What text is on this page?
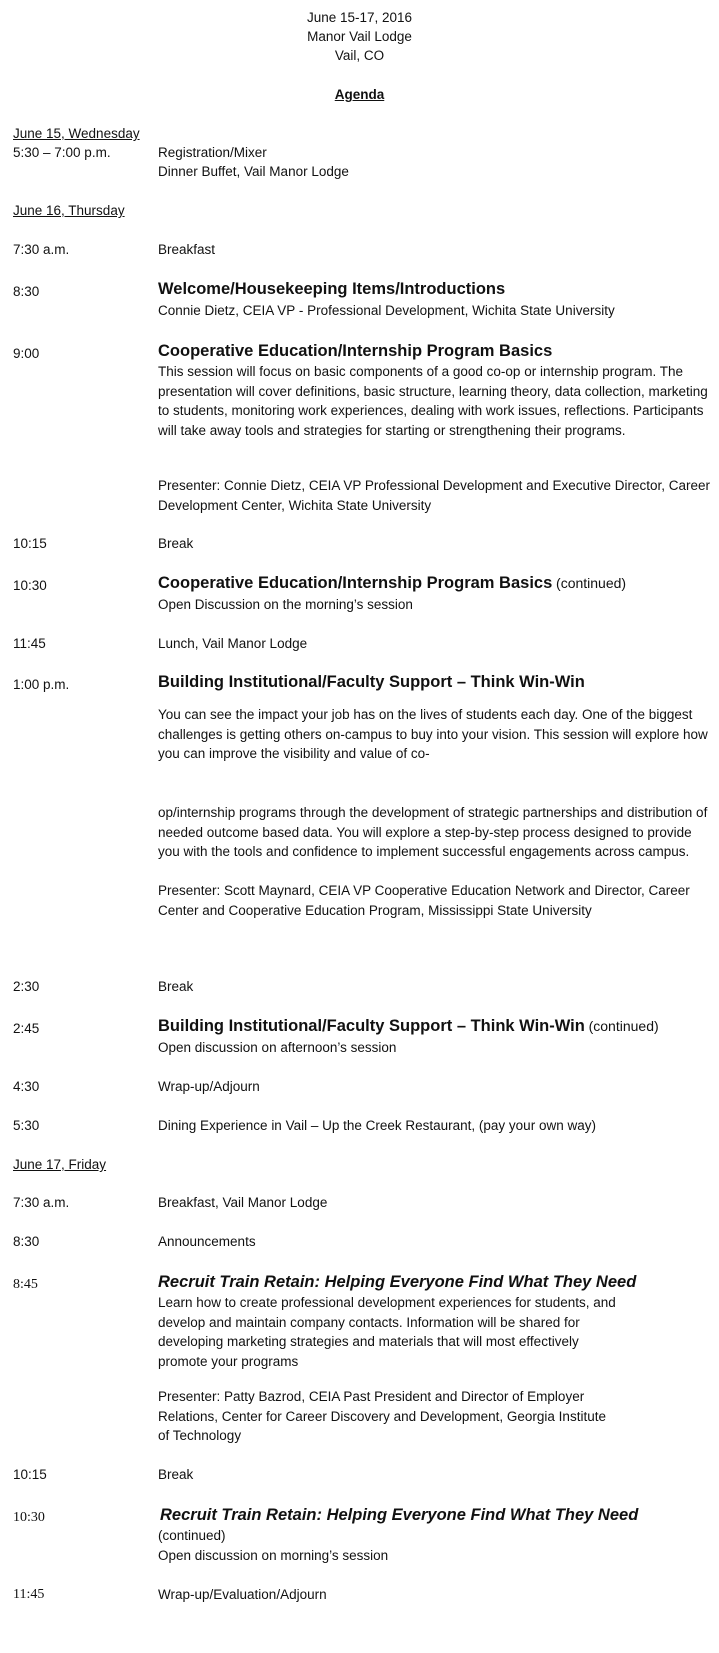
June 15-17, 2016
Manor Vail Lodge
Vail, CO
Agenda
June 15, Wednesday
5:30 – 7:00 p.m.	Registration/Mixer
Dinner Buffet, Vail Manor Lodge
June 16, Thursday
7:30 a.m.	Breakfast
8:30	Welcome/Housekeeping Items/Introductions
Connie Dietz, CEIA VP - Professional Development, Wichita State University
9:00	Cooperative Education/Internship Program Basics
This session will focus on basic components of a good co-op or internship program. The presentation will cover definitions, basic structure, learning theory, data collection, marketing to students, monitoring work experiences, dealing with work issues, reflections. Participants will take away tools and strategies for starting or strengthening their programs.
Presenter: Connie Dietz, CEIA VP Professional Development and Executive Director, Career Development Center, Wichita State University
10:15	Break
10:30	Cooperative Education/Internship Program Basics (continued)
Open Discussion on the morning’s session
11:45	Lunch, Vail Manor Lodge
1:00 p.m.	Building Institutional/Faculty Support – Think Win-Win
You can see the impact your job has on the lives of students each day. One of the biggest challenges is getting others on-campus to buy into your vision. This session will explore how you can improve the visibility and value of co-
op/internship programs through the development of strategic partnerships and distribution of needed outcome based data. You will explore a step-by-step process designed to provide you with the tools and confidence to implement successful engagements across campus.
Presenter: Scott Maynard, CEIA VP Cooperative Education Network and Director, Career Center and Cooperative Education Program, Mississippi State University
2:30	Break
2:45	Building Institutional/Faculty Support – Think Win-Win (continued)
Open discussion on afternoon’s session
4:30	Wrap-up/Adjourn
5:30	Dining Experience in Vail – Up the Creek Restaurant, (pay your own way)
June 17, Friday
7:30 a.m.	Breakfast, Vail Manor Lodge
8:30	Announcements
8:45	Recruit Train Retain: Helping Everyone Find What They Need
Learn how to create professional development experiences for students, and develop and maintain company contacts. Information will be shared for developing marketing strategies and materials that will most effectively promote your programs
Presenter: Patty Bazrod, CEIA Past President and Director of Employer Relations, Center for Career Discovery and Development, Georgia Institute of Technology
10:15	Break
10:30	Recruit Train Retain: Helping Everyone Find What They Need
(continued)
Open discussion on morning’s session
11:45	Wrap-up/Evaluation/Adjourn
